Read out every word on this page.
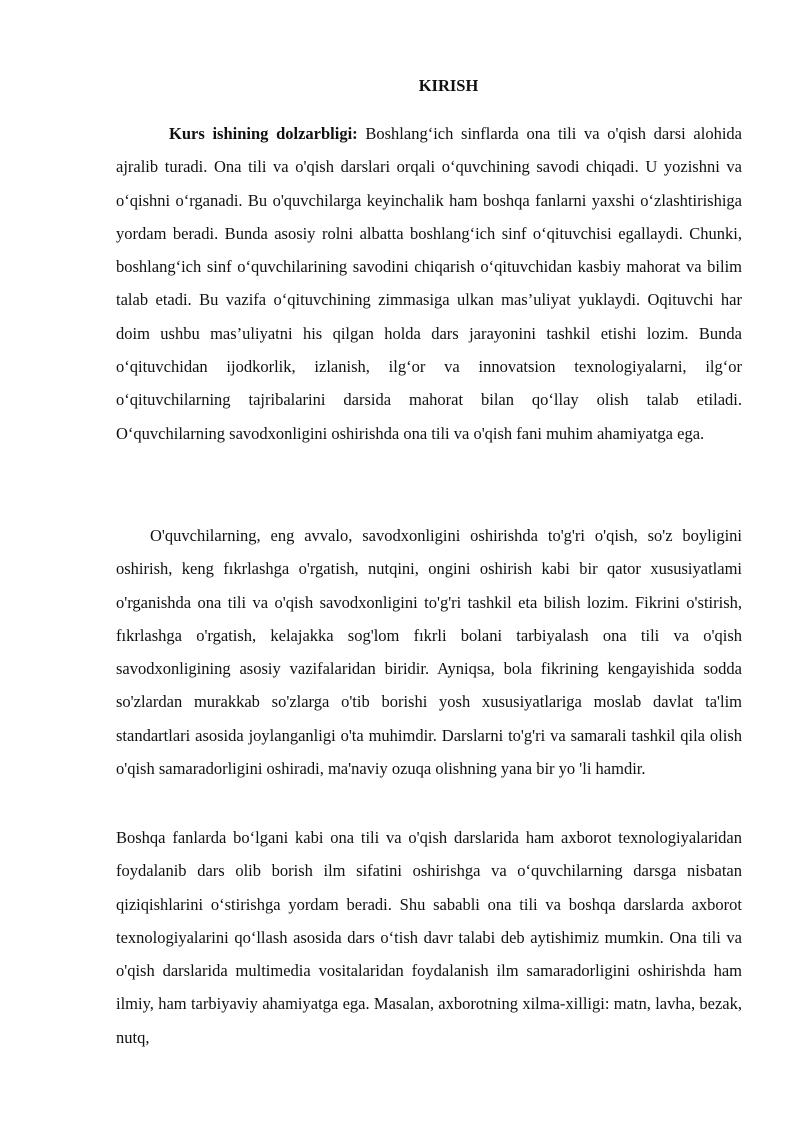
KIRISH

Kurs ishining dolzarbligi: Boshlang‘ich sinflarda ona tili va o'qish darsi alohida ajralib turadi. Ona tili va o'qish darslari orqali o‘quvchining savodi chiqadi. U yozishni va o‘qishni o‘rganadi. Bu o'quvchilarga keyinchalik ham boshqa fanlarni yaxshi o‘zlashtirishiga yordam beradi. Bunda asosiy rolni albatta boshlang‘ich sinf o‘qituvchisi egallaydi. Chunki, boshlang‘ich sinf o‘quvchilarining savodini chiqarish o‘qituvchidan kasbiy mahorat va bilim talab etadi. Bu vazifa o‘qituvchining zimmasiga ulkan mas’uliyat yuklaydi. Oqituvchi har doim ushbu mas’uliyatni his qilgan holda dars jarayonini tashkil etishi lozim. Bunda o‘qituvchidan ijodkorlik, izlanish, ilg‘or va innovatsion texnologiyalarni, ilg‘or o‘qituvchilarning tajribalarini darsida mahorat bilan qo‘llay olish talab etiladi. O‘quvchilarning savodxonligini oshirishda ona tili va o'qish fani muhim ahamiyatga ega.

O'quvchilarning, eng avvalo, savodxonligini oshirishda to'g'ri o'qish, so'z boyligini oshirish, keng fıkrlashga o'rgatish, nutqini, ongini oshirish kabi bir qator xususiyatlami o'rganishda ona tili va o'qish savodxonligini to'g'ri tashkil eta bilish lozim. Fikrini o'stirish, fıkrlashga o'rgatish, kelajakka sog'lom fıkrli bolani tarbiyalash ona tili va o'qish savodxonligining asosiy vazifalaridan biridir. Ayniqsa, bola fikrining kengayishida sodda so'zlardan murakkab so'zlarga o'tib borishi yosh xususiyatlariga moslab davlat ta'lim standartlari asosida joylanganligi o'ta muhimdir. Darslarni to'g'ri va samarali tashkil qila olish o'qish samaradorligini oshiradi, ma'naviy ozuqa olishning yana bir yo 'li hamdir.

Boshqa fanlarda bo‘lgani kabi ona tili va o'qish darslarida ham axborot texnologiyalaridan foydalanib dars olib borish ilm sifatini oshirishga va o‘quvchilarning darsga nisbatan qiziqishlarini o‘stirishga yordam beradi. Shu sababli ona tili va boshqa darslarda axborot texnologiyalarini qo‘llash asosida dars o‘tish davr talabi deb aytishimiz mumkin. Ona tili va o'qish darslarida multimedia vositalaridan foydalanish ilm samaradorligini oshirishda ham ilmiy, ham tarbiyaviy ahamiyatga ega. Masalan, axborotning xilma-xilligi: matn, lavha, bezak, nutq,
